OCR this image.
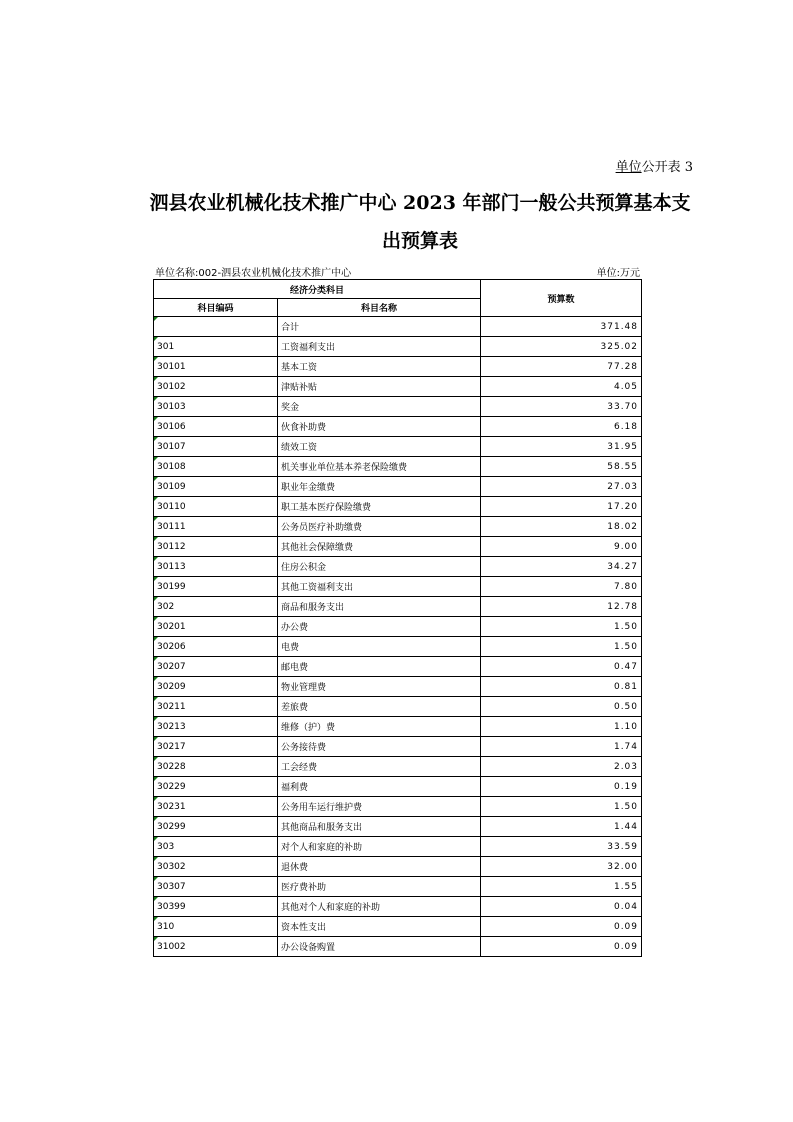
单位公开表 3
泗县农业机械化技术推广中心 2023 年部门一般公共预算基本支出预算表
单位名称:002-泗县农业机械化技术推广中心	单位:万元
经济分类科目		预算数
科目编码	科目名称	
	合计	371.48
301	工资福利支出	325.02
30101	基本工资	77.28
30102	津贴补贴	4.05
30103	奖金	33.70
30106	伙食补助费	6.18
30107	绩效工资	31.95
30108	机关事业单位基本养老保险缴费	58.55
30109	职业年金缴费	27.03
30110	职工基本医疗保险缴费	17.20
30111	公务员医疗补助缴费	18.02
30112	其他社会保障缴费	9.00
30113	住房公积金	34.27
30199	其他工资福利支出	7.80
302	商品和服务支出	12.78
30201	办公费	1.50
30206	电费	1.50
30207	邮电费	0.47
30209	物业管理费	0.81
30211	差旅费	0.50
30213	维修（护）费	1.10
30217	公务接待费	1.74
30228	工会经费	2.03
30229	福利费	0.19
30231	公务用车运行维护费	1.50
30299	其他商品和服务支出	1.44
303	对个人和家庭的补助	33.59
30302	退休费	32.00
30307	医疗费补助	1.55
30399	其他对个人和家庭的补助	0.04
310	资本性支出	0.09
31002	办公设备购置	0.09
